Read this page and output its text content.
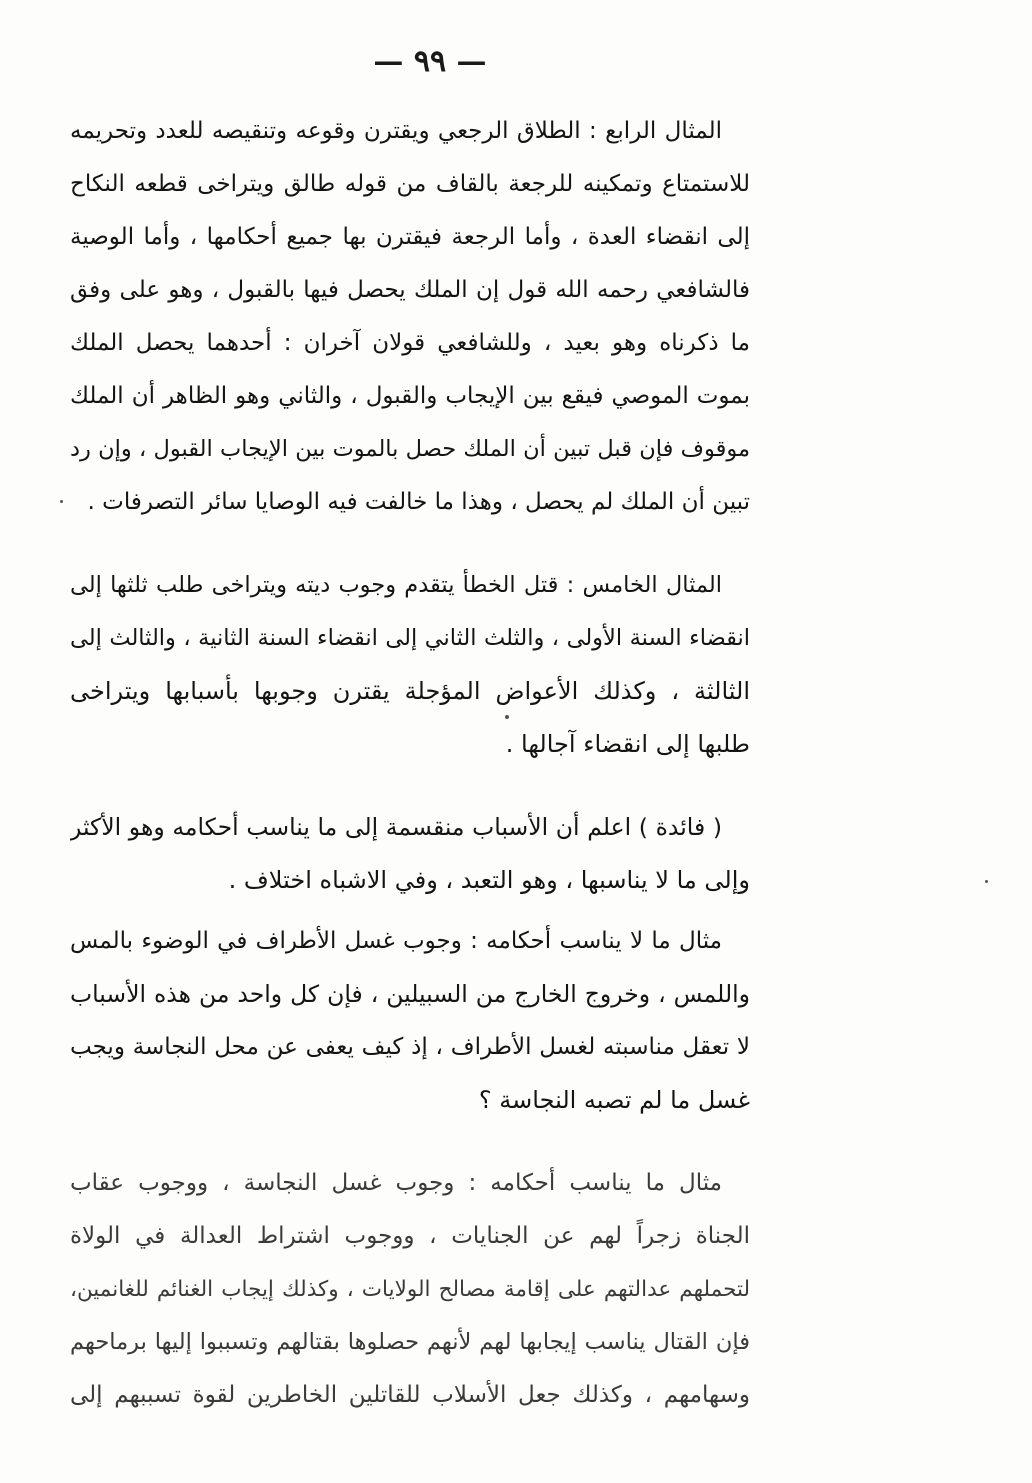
— ٩٩ —
المثال الرابع : الطلاق الرجعي ويقترن وقوعه وتنقيصه للعدد وتحريمه
للاستمتاع وتمكينه للرجعة بالقاف من قوله طالق ويتراخى قطعه النكاح
إلى انقضاء العدة ، وأما الرجعة فيقترن بها جميع أحكامها ، وأما الوصية
فالشافعي رحمه الله قول إن الملك يحصل فيها بالقبول ، وهو على وفق
ما ذكرناه وهو بعيد ، وللشافعي قولان آخران : أحدهما يحصل الملك
بموت الموصي فيقع بين الإيجاب والقبول ، والثاني وهو الظاهر أن الملك
موقوف فإن قبل تبين أن الملك حصل بالموت بين الإيجاب القبول ، وإن رد
تبين أن الملك لم يحصل ، وهذا ما خالفت فيه الوصايا سائر التصرفات .
المثال الخامس : قتل الخطأ يتقدم وجوب ديته ويتراخى طلب ثلثها إلى
انقضاء السنة الأولى ، والثلث الثاني إلى انقضاء السنة الثانية ، والثالث إلى
الثالثة ، وكذلك الأعواض المؤجلة يقترن وجوبها بأسبابها ويتراخى
طلبها إلى انقضاء آجالها .
( فائدة ) اعلم أن الأسباب منقسمة إلى ما يناسب أحكامه وهو الأكثر
وإلى ما لا يناسبها ، وهو التعبد ، وفي الاشباه اختلاف .
مثال ما لا يناسب أحكامه : وجوب غسل الأطراف في الوضوء بالمس
واللمس ، وخروج الخارج من السبيلين ، فإن كل واحد من هذه الأسباب
لا تعقل مناسبته لغسل الأطراف ، إذ كيف يعفى عن محل النجاسة ويجب
غسل ما لم تصبه النجاسة ؟
مثال ما يناسب أحكامه : وجوب غسل النجاسة ، ووجوب عقاب
الجناة زجراً لهم عن الجنايات ، ووجوب اشتراط العدالة في الولاة
لتحملهم عدالتهم على إقامة مصالح الولايات ، وكذلك إيجاب الغنائم للغانمين،
فإن القتال يناسب إيجابها لهم لأنهم حصلوها بقتالهم وتسببوا إليها برماحهم
وسهامهم ، وكذلك جعل الأسلاب للقاتلين الخاطرين لقوة تسببهم إلى
